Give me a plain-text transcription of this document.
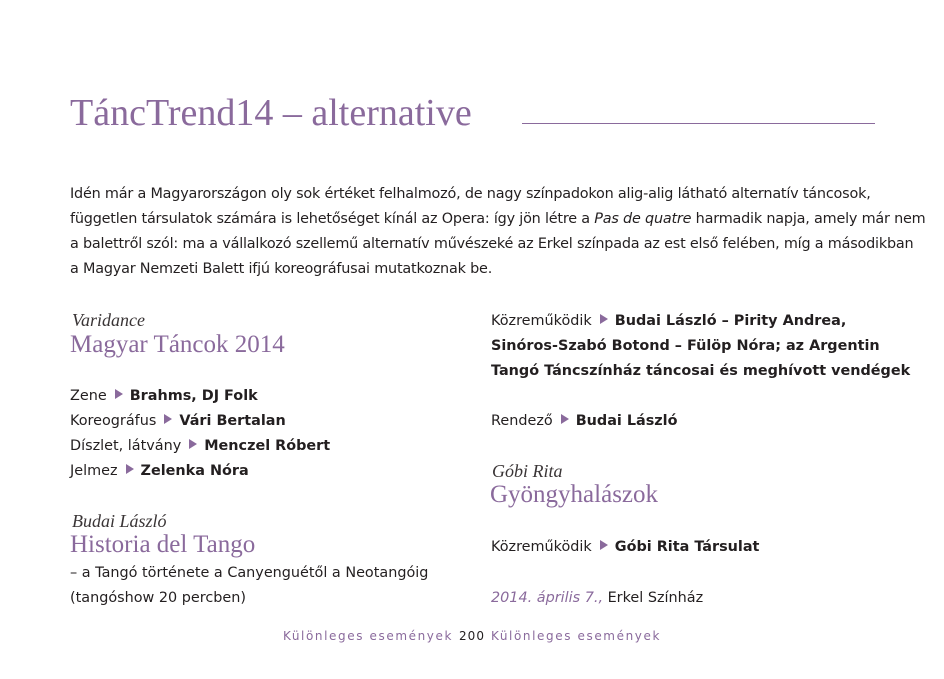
TáncTrend14 – alternative
Idén már a Magyarországon oly sok értéket felhalmozó, de nagy színpadokon alig-alig látható alternatív táncosok,
független társulatok számára is lehetőséget kínál az Opera: így jön létre a Pas de quatre harmadik napja, amely már nem
a balettről szól: ma a vállalkozó szellemű alternatív művészeké az Erkel színpada az est első felében, míg a másodikban
a Magyar Nemzeti Balett ifjú koreográfusai mutatkoznak be.
Varidance
Magyar Táncok 2014
Zene Brahms, DJ Folk
Koreográfus Vári Bertalan
Díszlet, látvány Menczel Róbert
Jelmez Zelenka Nóra
Budai László
Historia del Tango
– a Tangó története a Canyenguétől a Neotangóig
(tangóshow 20 percben)
Közreműködik Budai László – Pirity Andrea,
Sinóros-Szabó Botond – Fülöp Nóra; az Argentin
Tangó Táncszínház táncosai és meghívott vendégek
Rendező Budai László
Góbi Rita
Gyöngyhalászok
Közreműködik Góbi Rita Társulat
2014. április 7., Erkel Színház
Különleges események 200 Különleges események
